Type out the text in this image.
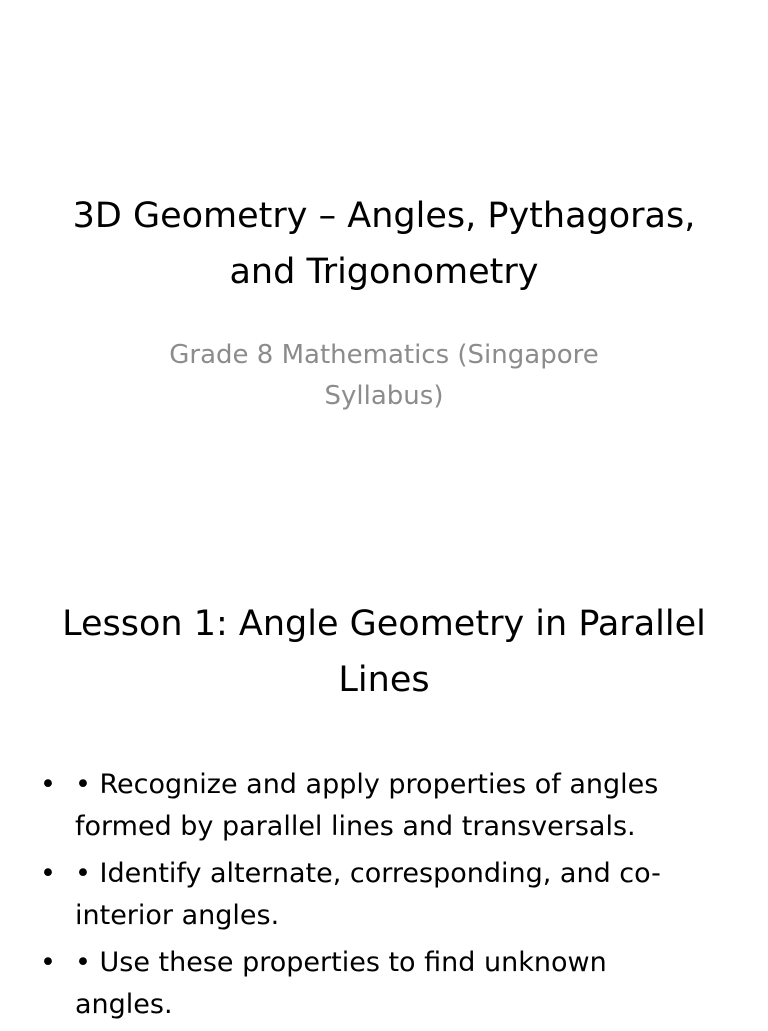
3D Geometry – Angles, Pythagoras, and Trigonometry

Grade 8 Mathematics (Singapore Syllabus)

Lesson 1: Angle Geometry in Parallel Lines
• • Recognize and apply properties of angles formed by parallel lines and transversals.
• • Identify alternate, corresponding, and co-interior angles.
• • Use these properties to find unknown angles.
